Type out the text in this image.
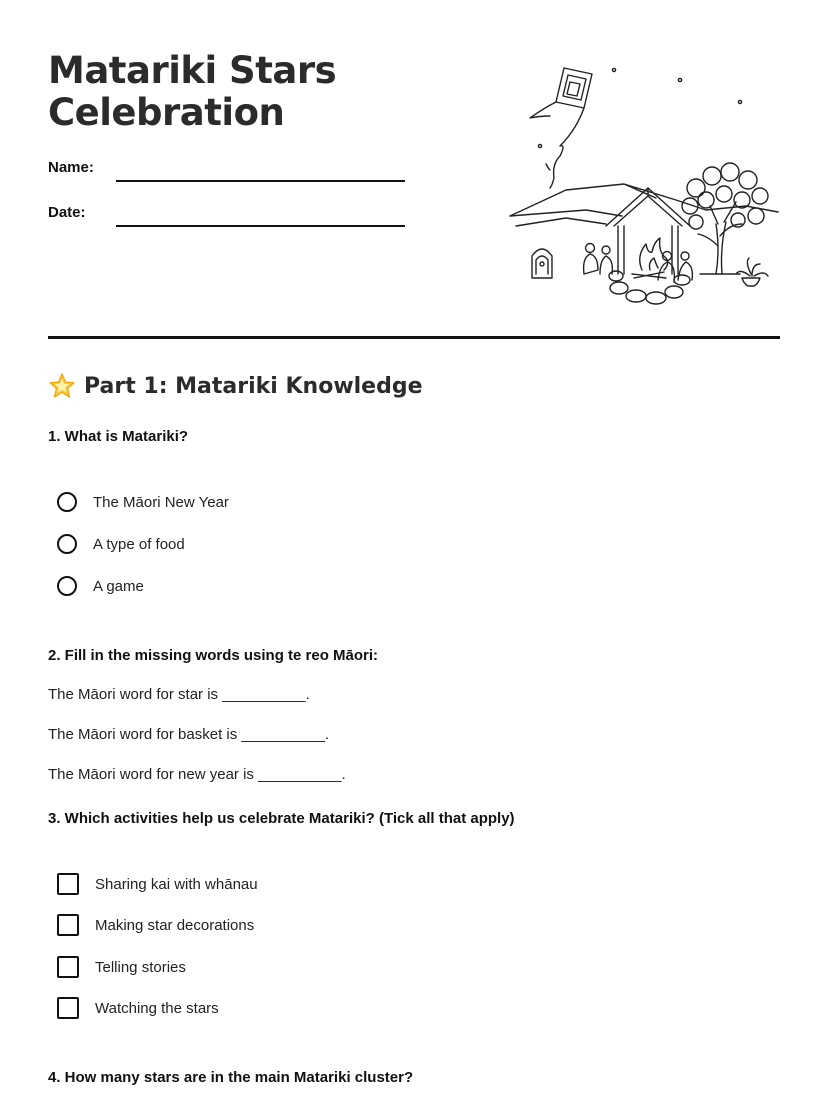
Matariki Stars
Celebration
Name:
Date:
Part 1: Matariki Knowledge
1. What is Matariki?
The Māori New Year
A type of food
A game
2. Fill in the missing words using te reo Māori:
The Māori word for star is __________.
The Māori word for basket is __________.
The Māori word for new year is __________.
3. Which activities help us celebrate Matariki? (Tick all that apply)
Sharing kai with whānau
Making star decorations
Telling stories
Watching the stars
4. How many stars are in the main Matariki cluster?
